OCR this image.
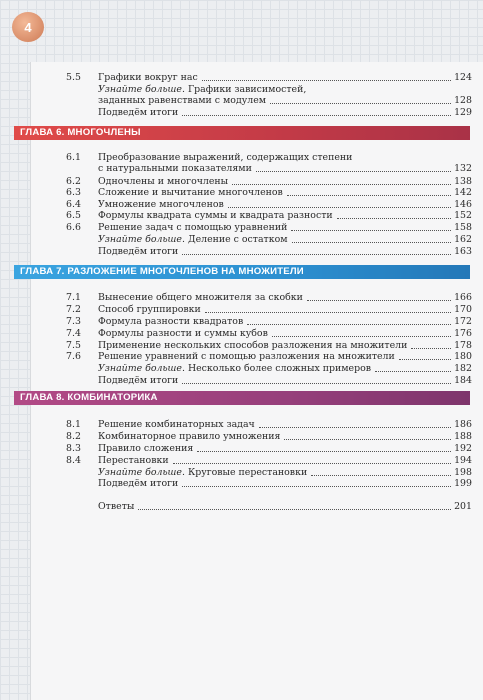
4
5.5 Графики вокруг нас	124
Узнайте больше. Графики зависимостей,
заданных равенствами с модулем	128
Подведём итоги	129
ГЛАВА 6. МНОГОЧЛЕНЫ
6.1 Преобразование выражений, содержащих степени
с натуральными показателями	132
6.2 Одночлены и многочлены	138
6.3 Сложение и вычитание многочленов	142
6.4 Умножение многочленов	146
6.5 Формулы квадрата суммы и квадрата разности	152
6.6 Решение задач с помощью уравнений	158
Узнайте больше. Деление с остатком	162
Подведём итоги	163
ГЛАВА 7. РАЗЛОЖЕНИЕ МНОГОЧЛЕНОВ НА МНОЖИТЕЛИ
7.1 Вынесение общего множителя за скобки	166
7.2 Способ группировки	170
7.3 Формула разности квадратов	172
7.4 Формулы разности и суммы кубов	176
7.5 Применение нескольких способов разложения на множители	178
7.6 Решение уравнений с помощью разложения на множители	180
Узнайте больше. Несколько более сложных примеров	182
Подведём итоги	184
ГЛАВА 8. КОМБИНАТОРИКА
8.1 Решение комбинаторных задач	186
8.2 Комбинаторное правило умножения	188
8.3 Правило сложения	192
8.4 Перестановки	194
Узнайте больше. Круговые перестановки	198
Подведём итоги	199
Ответы	201
